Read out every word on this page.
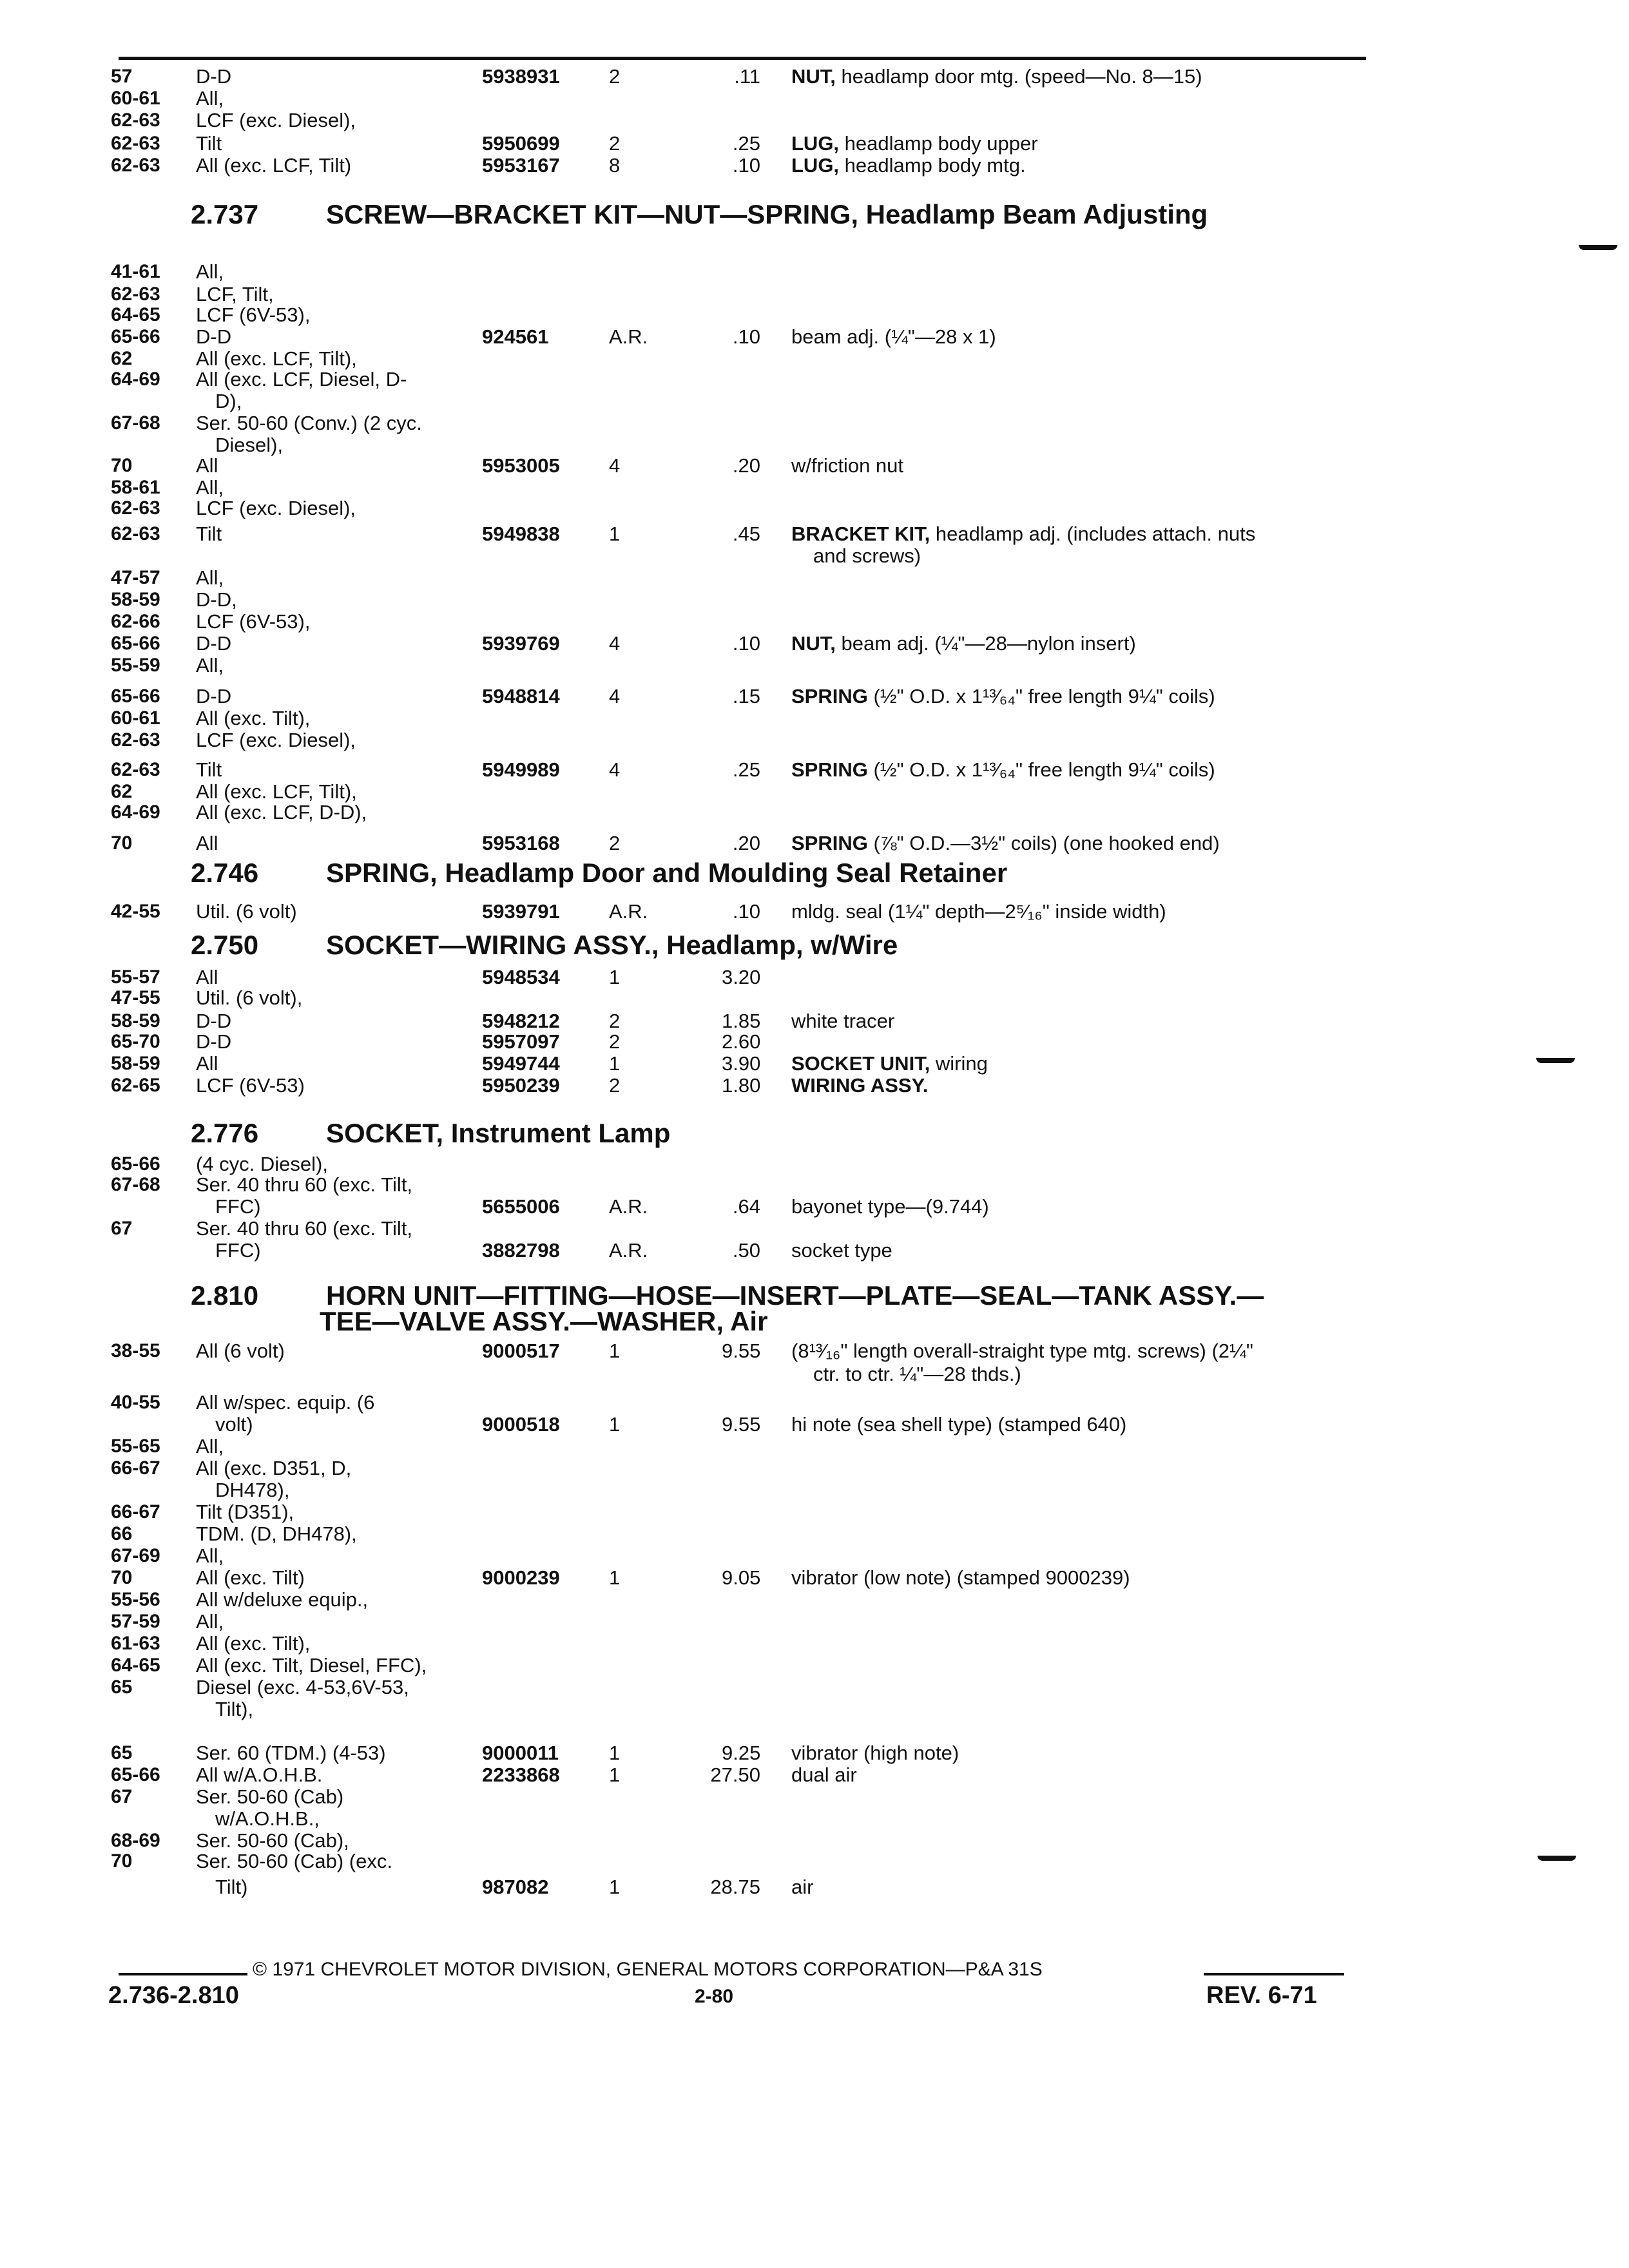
57	D-D	5938931 2	.11 NUT, headlamp door mtg. (speed—No. 8—15)
60-61 All,
62-63 LCF (exc. Diesel),
62-63 Tilt	5950699 2	.25 LUG, headlamp body upper
62-63 All (exc. LCF, Tilt)	5953167 8	.10 LUG, headlamp body mtg.
2.737 SCREW—BRACKET KIT—NUT—SPRING, Headlamp Beam Adjusting
41-61 All,
62-63 LCF, Tilt,
64-65 LCF (6V-53),
65-66 D-D	924561	A.R.	.10 beam adj. (¼"—28 x 1)
62	All (exc. LCF, Tilt),
64-69 All (exc. LCF, Diesel, D-
D),
67-68 Ser. 50-60 (Conv.) (2 cyc.
Diesel),
70	All	5953005 4	.20 w/friction nut
58-61 All,
62-63 LCF (exc. Diesel),
62-63 Tilt	5949838 1	.45 BRACKET KIT, headlamp adj. (includes attach. nuts
and screws)
47-57 All,
58-59 D-D,
62-66 LCF (6V-53),
65-66 D-D	5939769 4	.10 NUT, beam adj. (¼"—28—nylon insert)
55-59 All,
65-66 D-D	5948814 4	.15 SPRING (½" O.D. x 1¹³⁄₆₄" free length 9¼" coils)
60-61 All (exc. Tilt),
62-63 LCF (exc. Diesel),
62-63 Tilt	5949989 4	.25 SPRING (½" O.D. x 1¹³⁄₆₄" free length 9¼" coils)
62	All (exc. LCF, Tilt),
64-69 All (exc. LCF, D-D),
70	All	5953168 2	.20 SPRING (⅞" O.D.—3½" coils) (one hooked end)
2.746 SPRING, Headlamp Door and Moulding Seal Retainer
42-55 Util. (6 volt)	5939791 A.R.	.10 mldg. seal (1¼" depth—2⁵⁄₁₆" inside width)
2.750 SOCKET—WIRING ASSY., Headlamp, w/Wire
55-57 All	5948534 1	3.20
47-55 Util. (6 volt),
58-59 D-D	5948212 2	1.85 white tracer
65-70 D-D	5957097 2	2.60
58-59 All	5949744 1	3.90 SOCKET UNIT, wiring
62-65 LCF (6V-53)	5950239 2	1.80 WIRING ASSY.
2.776 SOCKET, Instrument Lamp
65-66 (4 cyc. Diesel),
67-68 Ser. 40 thru 60 (exc. Tilt,
FFC)	5655006 A.R.	.64 bayonet type—(9.744)
67	Ser. 40 thru 60 (exc. Tilt,
FFC)	3882798 A.R.	.50 socket type
2.810 HORN UNIT—FITTING—HOSE—INSERT—PLATE—SEAL—TANK ASSY.—
TEE—VALVE ASSY.—WASHER, Air
38-55 All (6 volt)	9000517 1	9.55 (8¹³⁄₁₆" length overall-straight type mtg. screws) (2¼"
ctr. to ctr. ¼"—28 thds.)
40-55 All w/spec. equip. (6
volt)	9000518 1	9.55 hi note (sea shell type) (stamped 640)
55-65 All,
66-67 All (exc. D351, D,
DH478),
66-67 Tilt (D351),
66	TDM. (D, DH478),
67-69 All,
70	All (exc. Tilt)	9000239 1	9.05 vibrator (low note) (stamped 9000239)
55-56 All w/deluxe equip.,
57-59 All,
61-63 All (exc. Tilt),
64-65 All (exc. Tilt, Diesel, FFC),
65	Diesel (exc. 4-53,6V-53,
Tilt),
65	Ser. 60 (TDM.) (4-53)	9000011	1	9.25 vibrator (high note)
65-66 All w/A.O.H.B.	2233868 1	27.50 dual air
67	Ser. 50-60 (Cab)
w/A.O.H.B.,
68-69 Ser. 50-60 (Cab),
70	Ser. 50-60 (Cab) (exc.
Tilt)	987082	1	28.75 air
© 1971 CHEVROLET MOTOR DIVISION, GENERAL MOTORS CORPORATION—P&A 31S
2.736-2.810	REV. 6-71
2-80
